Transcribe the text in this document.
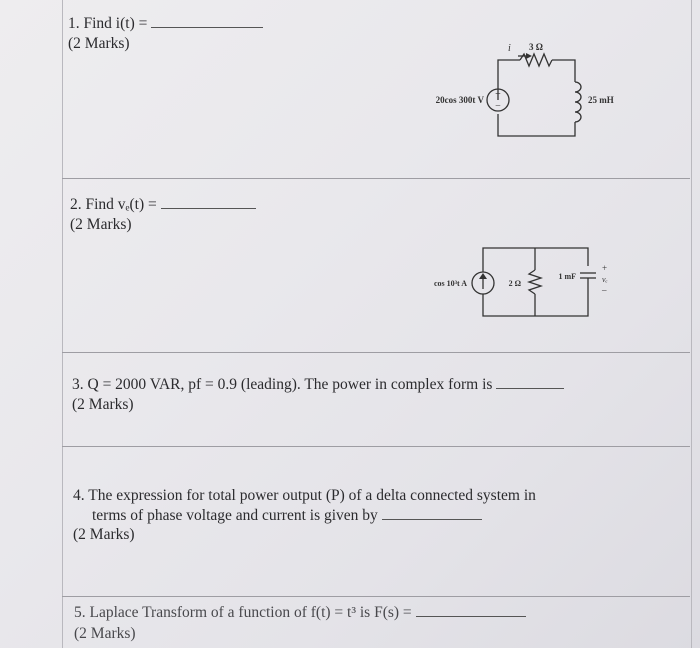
1. Find i(t) =
(2 Marks)
+
−
i 3 Ω
20cos 300t V	25 mH
2. Find vₑ(t) =
(2 Marks)
cos 10³t A	2 Ω
1 mF
+
vₑ
–
3. Q = 2000 VAR, pf = 0.9 (leading). The power in complex form is
(2 Marks)
4. The expression for total power output (P) of a delta connected system in
terms of phase voltage and current is given by
(2 Marks)
5. Laplace Transform of a function of f(t) = t³ is F(s) =
(2 Marks)
